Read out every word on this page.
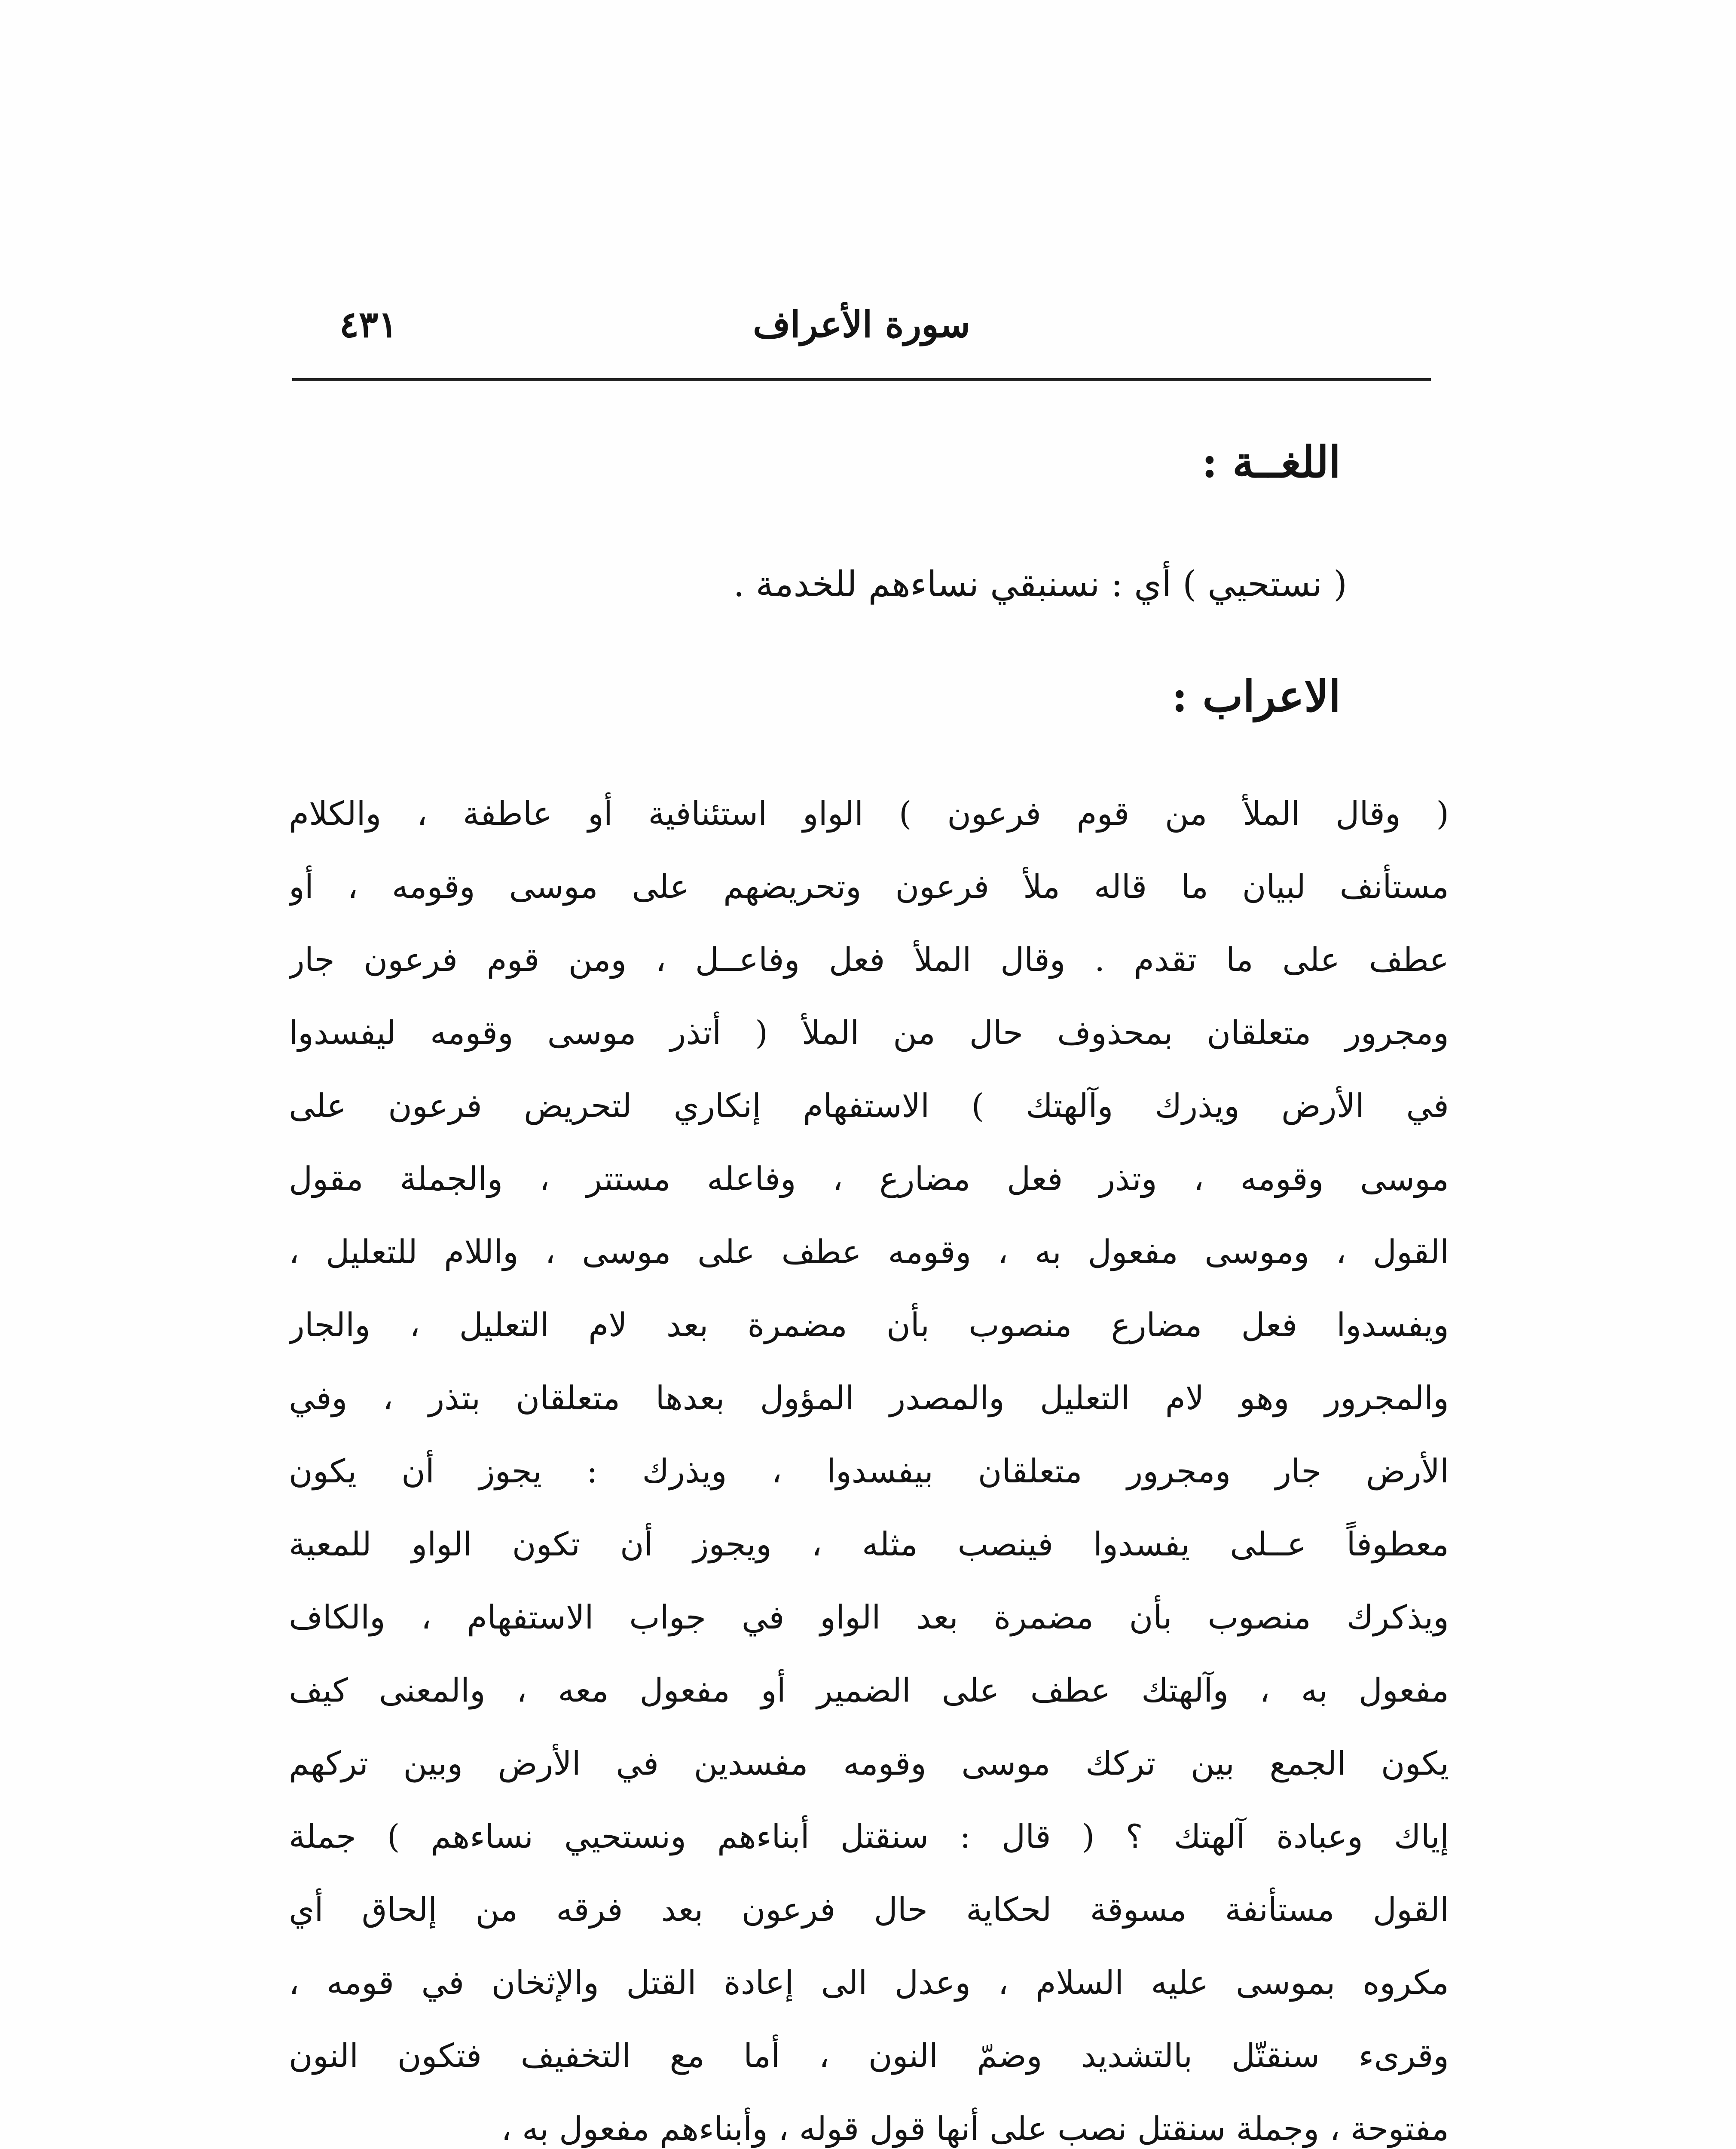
سورة الأعراف
٤٣١
اللغــة :
( نستحيي ) أي : نسنبقي نساءهم للخدمة .
الاعراب :
( وقال الملأ من قوم فرعون ) الواو استئنافية أو عاطفة ، والكلام
مستأنف لبيان ما قاله ملأ فرعون وتحريضهم على موسى وقومه ، أو
عطف على ما تقدم . وقال الملأ فعل وفاعــل ، ومن قوم فرعون جار
ومجرور متعلقان بمحذوف حال من الملأ ( أتذر موسى وقومه ليفسدوا
في الأرض ويذرك وآلهتك ) الاستفهام إنكاري لتحريض فرعون على
موسى وقومه ، وتذر فعل مضارع ، وفاعله مستتر ، والجملة مقول
القول ، وموسى مفعول به ، وقومه عطف على موسى ، واللام للتعليل ،
ويفسدوا فعل مضارع منصوب بأن مضمرة بعد لام التعليل ، والجار
والمجرور وهو لام التعليل والمصدر المؤول بعدها متعلقان بتذر ، وفي
الأرض جار ومجرور متعلقان بيفسدوا ، ويذرك : يجوز أن يكون
معطوفاً عــلى يفسدوا فينصب مثله ، ويجوز أن تكون الواو للمعية
ويذكرك منصوب بأن مضمرة بعد الواو في جواب الاستفهام ، والكاف
مفعول به ، وآلهتك عطف على الضمير أو مفعول معه ، والمعنى كيف
يكون الجمع بين تركك موسى وقومه مفسدين في الأرض وبين تركهم
إياك وعبادة آلهتك ؟ ( قال : سنقتل أبناءهم ونستحيي نساءهم ) جملة
القول مستأنفة مسوقة لحكاية حال فرعون بعد فرقه من إلحاق أي
مكروه بموسى عليه السلام ، وعدل الى إعادة القتل والإثخان في قومه ،
وقرىء سنقتّل بالتشديد وضمّ النون ، أما مع التخفيف فتكون النون
مفتوحة ، وجملة سنقتل نصب على أنها قول قوله ، وأبناءهم مفعول به ،
